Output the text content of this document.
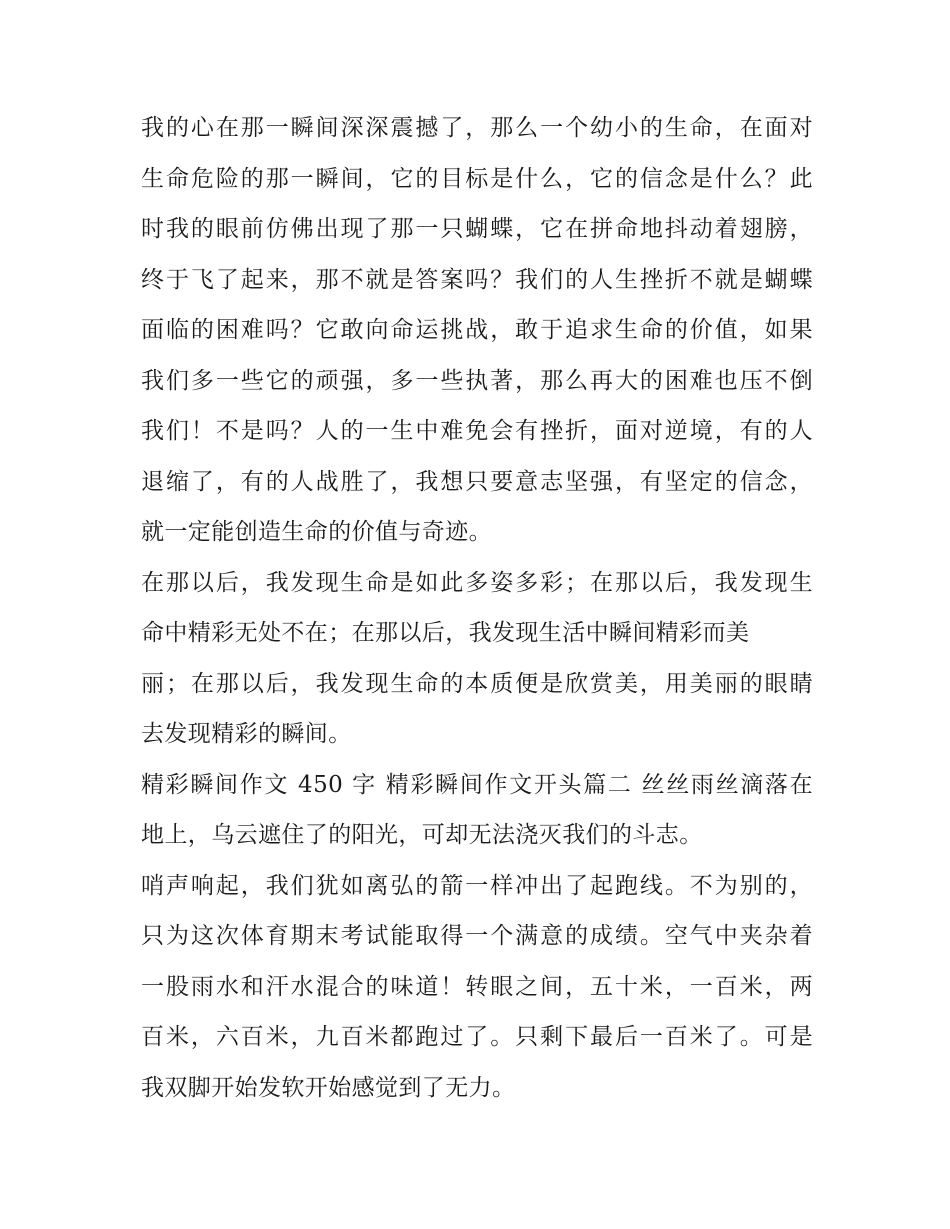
我的心在那一瞬间深深震撼了，那么一个幼小的生命，在面对
生命危险的那一瞬间，它的目标是什么，它的信念是什么？此
时我的眼前仿佛出现了那一只蝴蝶，它在拼命地抖动着翅膀，
终于飞了起来，那不就是答案吗？我们的人生挫折不就是蝴蝶
面临的困难吗？它敢向命运挑战，敢于追求生命的价值，如果
我们多一些它的顽强，多一些执著，那么再大的困难也压不倒
我们！不是吗？人的一生中难免会有挫折，面对逆境，有的人
退缩了，有的人战胜了，我想只要意志坚强，有坚定的信念，
就一定能创造生命的价值与奇迹。
在那以后，我发现生命是如此多姿多彩；在那以后，我发现生
命中精彩无处不在；在那以后，我发现生活中瞬间精彩而美
丽；在那以后，我发现生命的本质便是欣赏美，用美丽的眼睛
去发现精彩的瞬间。
精彩瞬间作文 450 字 精彩瞬间作文开头篇二 丝丝雨丝滴落在
地上，乌云遮住了的阳光，可却无法浇灭我们的斗志。
哨声响起，我们犹如离弘的箭一样冲出了起跑线。不为别的，
只为这次体育期末考试能取得一个满意的成绩。空气中夹杂着
一股雨水和汗水混合的味道！转眼之间，五十米，一百米，两
百米，六百米，九百米都跑过了。只剩下最后一百米了。可是
我双脚开始发软开始感觉到了无力。
